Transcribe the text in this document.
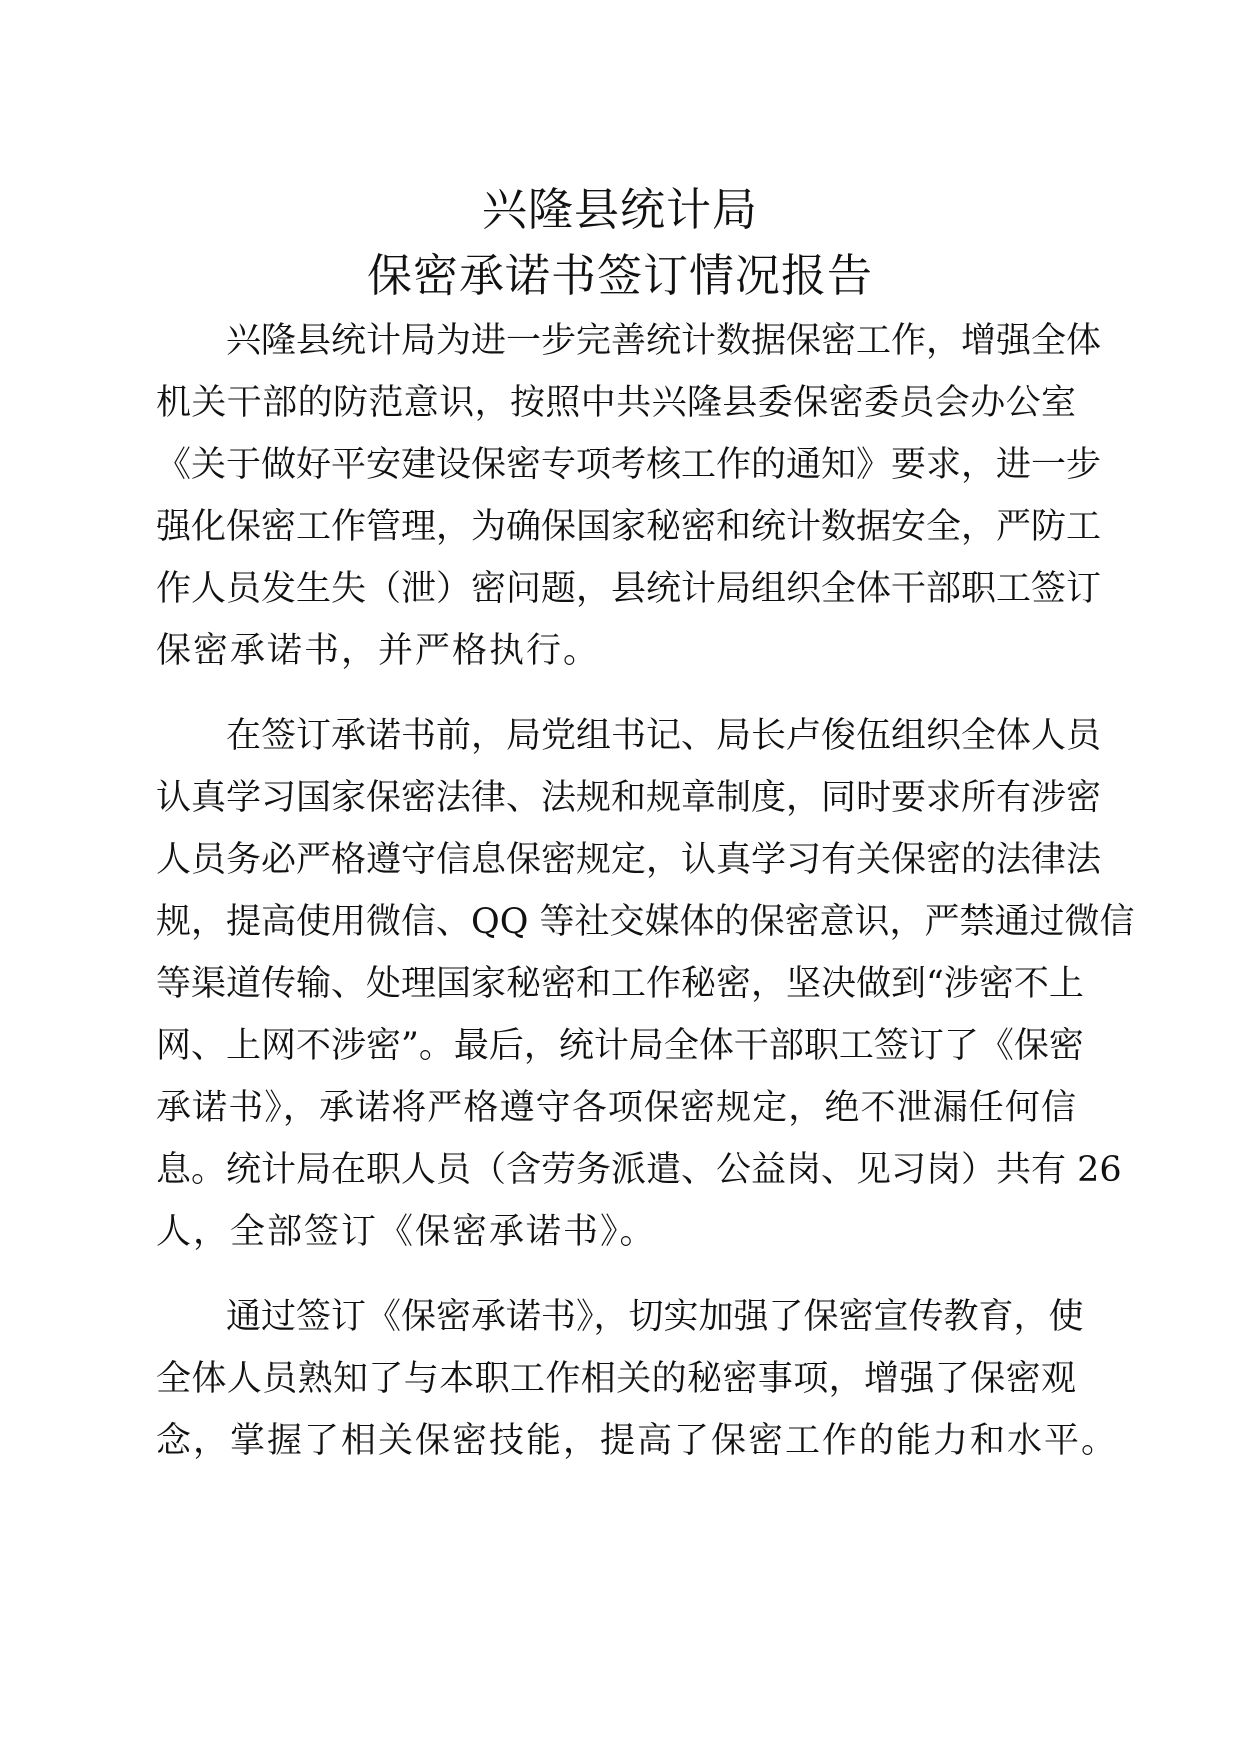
兴隆县统计局
保密承诺书签订情况报告
兴隆县统计局为进一步完善统计数据保密工作，增强全体
机关干部的防范意识，按照中共兴隆县委保密委员会办公室
《关于做好平安建设保密专项考核工作的通知》要求，进一步
强化保密工作管理，为确保国家秘密和统计数据安全，严防工
作人员发生失（泄）密问题，县统计局组织全体干部职工签订
保密承诺书，并严格执行。
在签订承诺书前，局党组书记、局长卢俊伍组织全体人员
认真学习国家保密法律、法规和规章制度，同时要求所有涉密
人员务必严格遵守信息保密规定，认真学习有关保密的法律法
规，提高使用微信、QQ 等社交媒体的保密意识，严禁通过微信
等渠道传输、处理国家秘密和工作秘密，坚决做到“涉密不上
网、上网不涉密”。最后，统计局全体干部职工签订了《保密
承诺书》，承诺将严格遵守各项保密规定，绝不泄漏任何信
息。统计局在职人员（含劳务派遣、公益岗、见习岗）共有 26
人，全部签订《保密承诺书》。
通过签订《保密承诺书》，切实加强了保密宣传教育，使
全体人员熟知了与本职工作相关的秘密事项，增强了保密观
念，掌握了相关保密技能，提高了保密工作的能力和水平。
